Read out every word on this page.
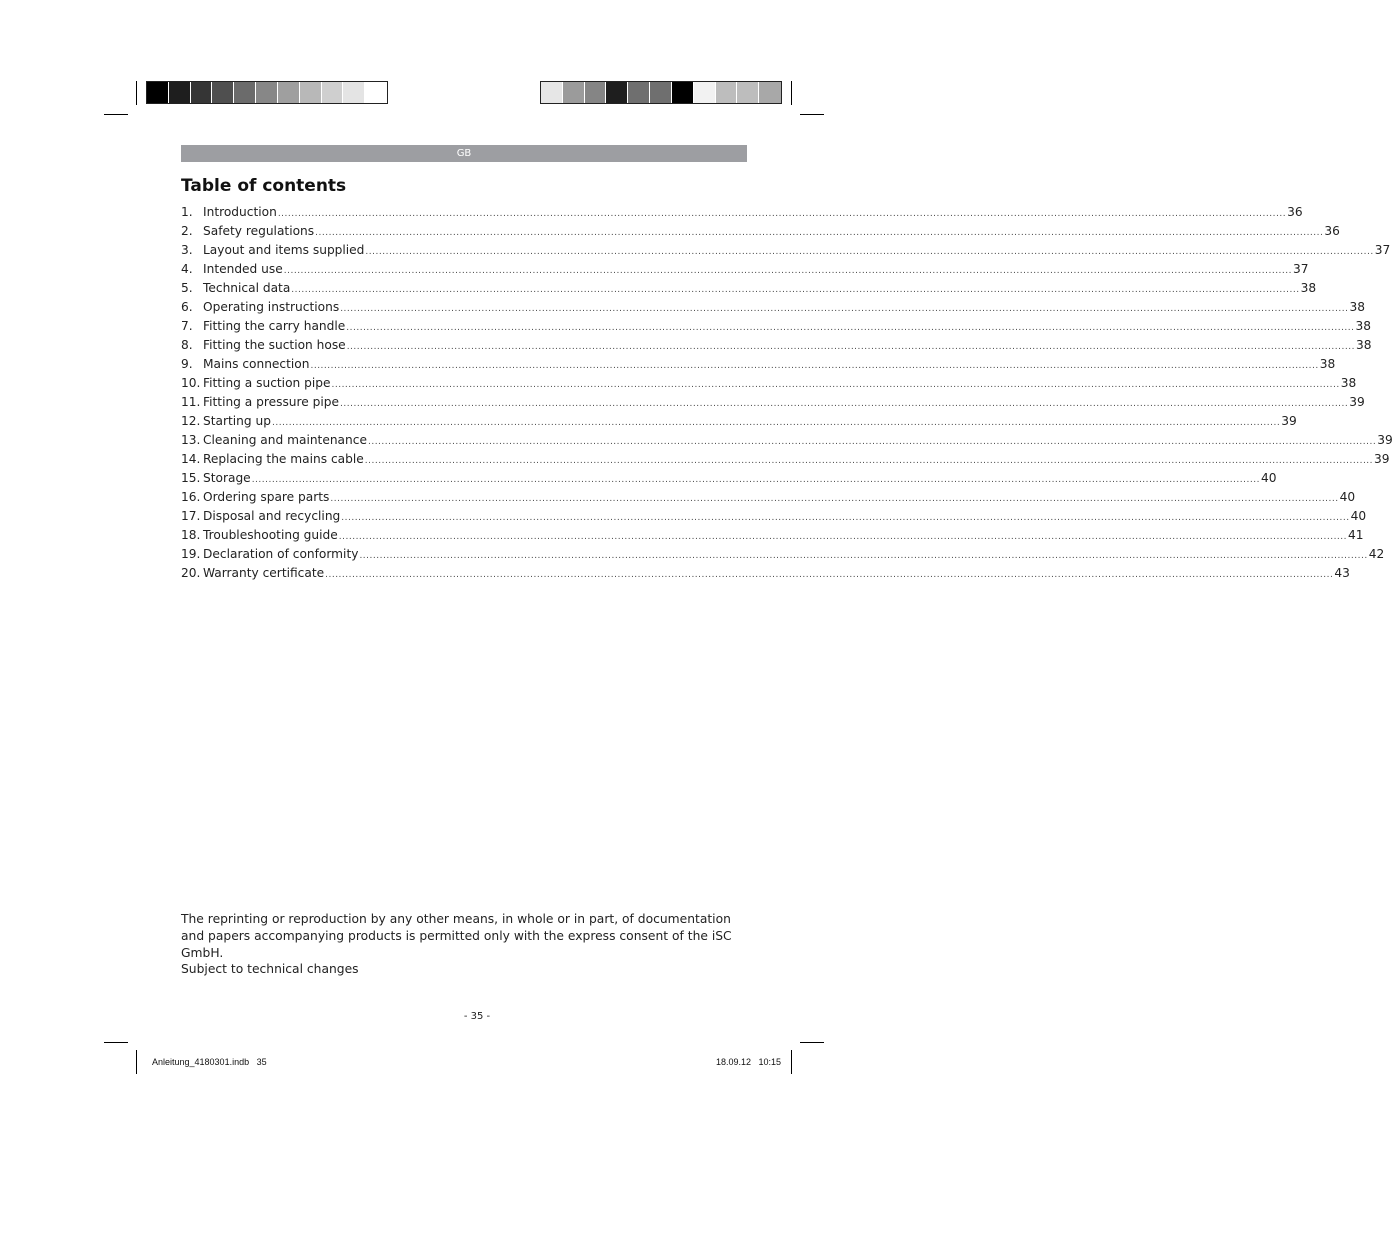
GB
Table of contents
1. Introduction ............................................................................................................................................................................................................................................................................................................ 36
2. Safety regulations ............................................................................................................................................................................................................................................................................................................ 36
3. Layout and items supplied ............................................................................................................................................................................................................................................................................................................ 37
4. Intended use ............................................................................................................................................................................................................................................................................................................ 37
5. Technical data ............................................................................................................................................................................................................................................................................................................ 38
6. Operating instructions ............................................................................................................................................................................................................................................................................................................ 38
7. Fitting the carry handle ............................................................................................................................................................................................................................................................................................................ 38
8. Fitting the suction hose ............................................................................................................................................................................................................................................................................................................ 38
9. Mains connection ............................................................................................................................................................................................................................................................................................................ 38
10. Fitting a suction pipe ............................................................................................................................................................................................................................................................................................................ 38
11. Fitting a pressure pipe ............................................................................................................................................................................................................................................................................................................ 39
12. Starting up ............................................................................................................................................................................................................................................................................................................ 39
13. Cleaning and maintenance ............................................................................................................................................................................................................................................................................................................ 39
14. Replacing the mains cable ............................................................................................................................................................................................................................................................................................................ 39
15. Storage ............................................................................................................................................................................................................................................................................................................ 40
16. Ordering spare parts ............................................................................................................................................................................................................................................................................................................ 40
17. Disposal and recycling ............................................................................................................................................................................................................................................................................................................ 40
18. Troubleshooting guide ............................................................................................................................................................................................................................................................................................................ 41
19. Declaration of conformity ............................................................................................................................................................................................................................................................................................................ 42
20. Warranty certificate ............................................................................................................................................................................................................................................................................................................ 43
The reprinting or reproduction by any other means, in whole or in part, of documentation and papers accompanying products is permitted only with the express consent of the iSC GmbH.
Subject to technical changes
- 35 -
Anleitung_4180301.indb   35	18.09.12   10:15
